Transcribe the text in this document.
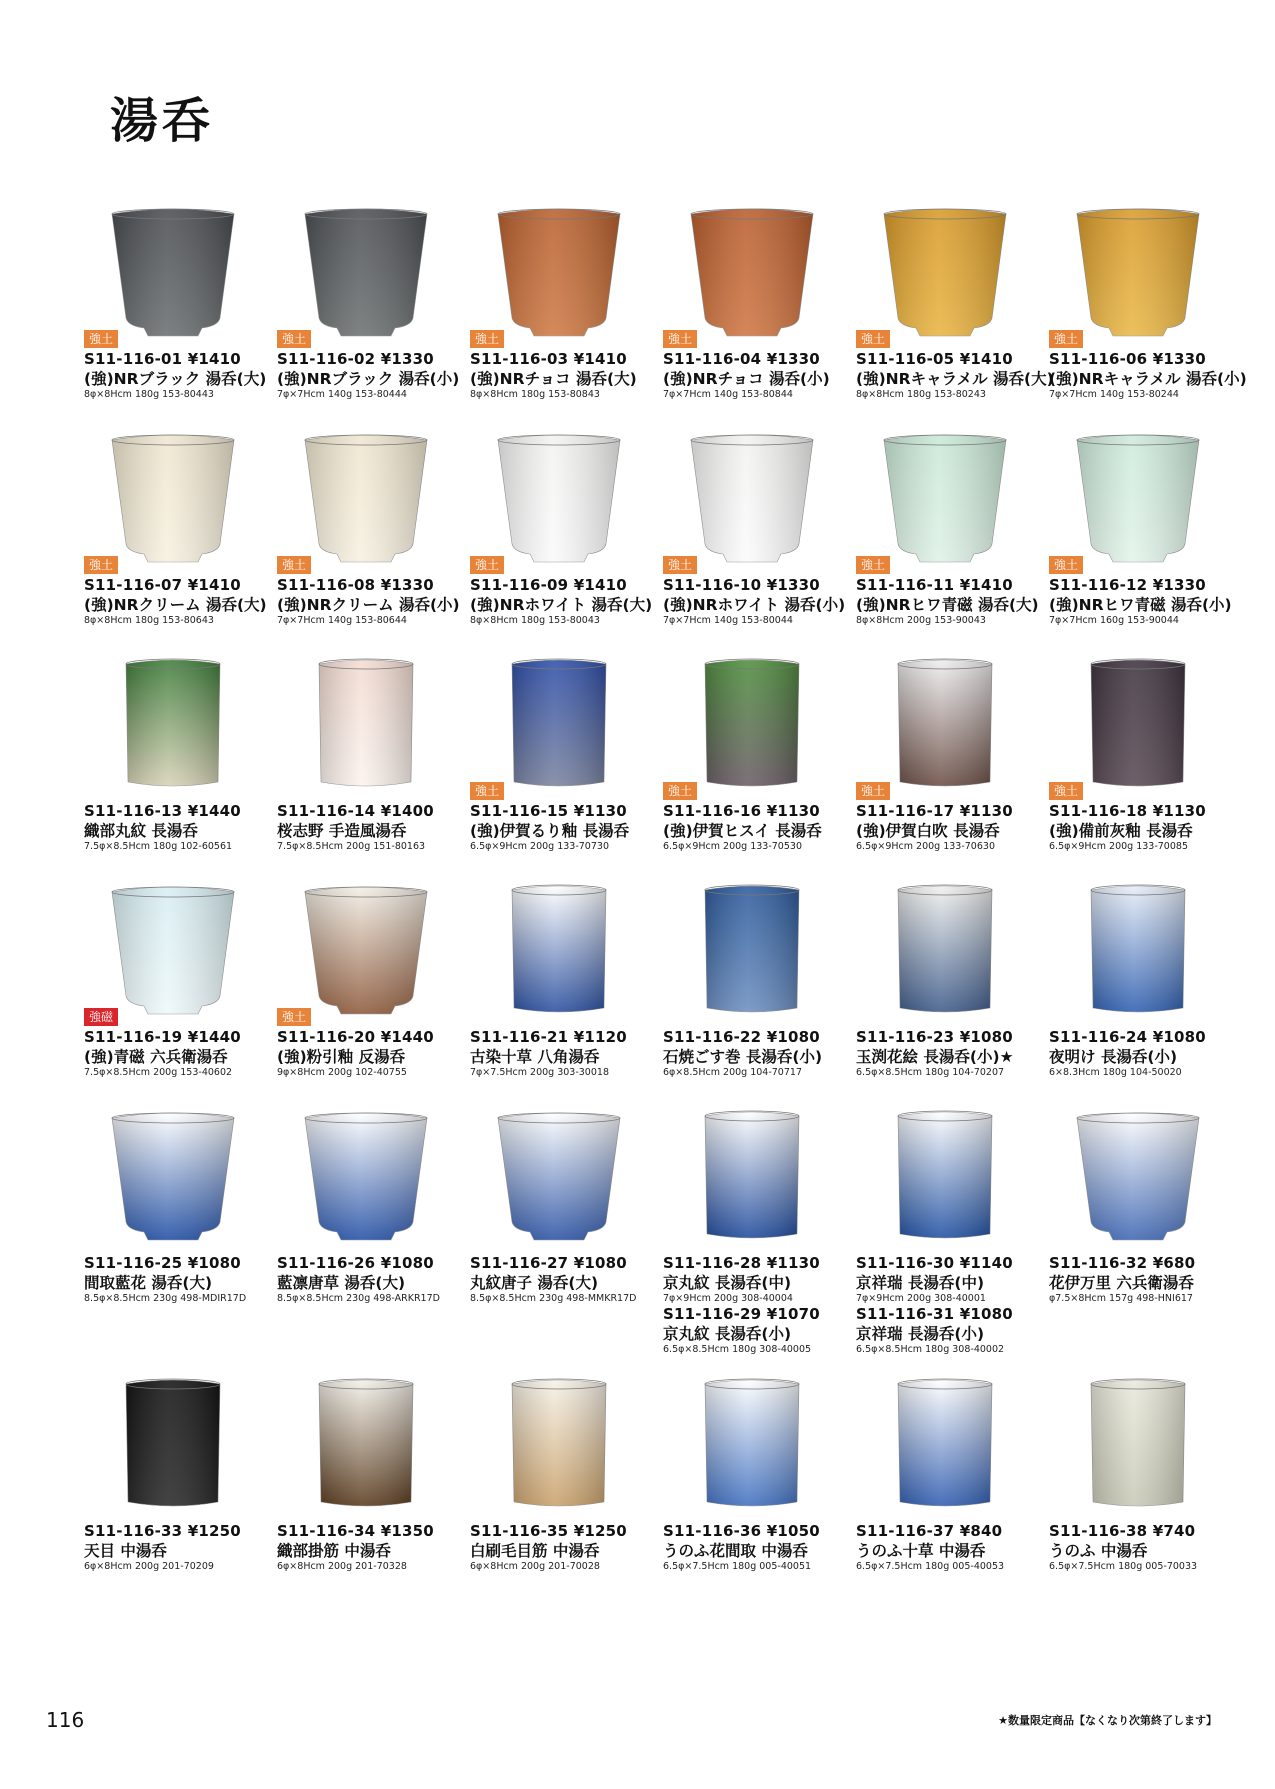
湯呑
強土
S11-116-01 ¥1410
(強)NRブラック 湯呑(大)
8φ×8Hcm 180g 153-80443
強土
S11-116-02 ¥1330
(強)NRブラック 湯呑(小)
7φ×7Hcm 140g 153-80444
強土
S11-116-03 ¥1410
(強)NRチョコ 湯呑(大)
8φ×8Hcm 180g 153-80843
強土
S11-116-04 ¥1330
(強)NRチョコ 湯呑(小)
7φ×7Hcm 140g 153-80844
強土
S11-116-05 ¥1410
(強)NRキャラメル 湯呑(大)
8φ×8Hcm 180g 153-80243
強土
S11-116-06 ¥1330
(強)NRキャラメル 湯呑(小)
7φ×7Hcm 140g 153-80244
強土
S11-116-07 ¥1410
(強)NRクリーム 湯呑(大)
8φ×8Hcm 180g 153-80643
強土
S11-116-08 ¥1330
(強)NRクリーム 湯呑(小)
7φ×7Hcm 140g 153-80644
強土
S11-116-09 ¥1410
(強)NRホワイト 湯呑(大)
8φ×8Hcm 180g 153-80043
強土
S11-116-10 ¥1330
(強)NRホワイト 湯呑(小)
7φ×7Hcm 140g 153-80044
強土
S11-116-11 ¥1410
(強)NRヒワ青磁 湯呑(大)
8φ×8Hcm 200g 153-90043
強土
S11-116-12 ¥1330
(強)NRヒワ青磁 湯呑(小)
7φ×7Hcm 160g 153-90044
S11-116-13 ¥1440
織部丸紋 長湯呑
7.5φ×8.5Hcm 180g 102-60561
S11-116-14 ¥1400
桜志野 手造風湯呑
7.5φ×8.5Hcm 200g 151-80163
強土
S11-116-15 ¥1130
(強)伊賀るり釉 長湯呑
6.5φ×9Hcm 200g 133-70730
強土
S11-116-16 ¥1130
(強)伊賀ヒスイ 長湯呑
6.5φ×9Hcm 200g 133-70530
強土
S11-116-17 ¥1130
(強)伊賀白吹 長湯呑
6.5φ×9Hcm 200g 133-70630
強土
S11-116-18 ¥1130
(強)備前灰釉 長湯呑
6.5φ×9Hcm 200g 133-70085
強磁
S11-116-19 ¥1440
(強)青磁 六兵衛湯呑
7.5φ×8.5Hcm 200g 153-40602
強土
S11-116-20 ¥1440
(強)粉引釉 反湯呑
9φ×8Hcm 200g 102-40755
S11-116-21 ¥1120
古染十草 八角湯呑
7φ×7.5Hcm 200g 303-30018
S11-116-22 ¥1080
石焼ごす巻 長湯呑(小)
6φ×8.5Hcm 200g 104-70717
S11-116-23 ¥1080
玉渕花絵 長湯呑(小)★
6.5φ×8.5Hcm 180g 104-70207
S11-116-24 ¥1080
夜明け 長湯呑(小)
6×8.3Hcm 180g 104-50020
S11-116-25 ¥1080
間取藍花 湯呑(大)
8.5φ×8.5Hcm 230g 498-MDIR17D
S11-116-26 ¥1080
藍凛唐草 湯呑(大)
8.5φ×8.5Hcm 230g 498-ARKR17D
S11-116-27 ¥1080
丸紋唐子 湯呑(大)
8.5φ×8.5Hcm 230g 498-MMKR17D
S11-116-28 ¥1130
京丸紋 長湯呑(中)
7φ×9Hcm 200g 308-40004
S11-116-29 ¥1070
京丸紋 長湯呑(小)
6.5φ×8.5Hcm 180g 308-40005
S11-116-30 ¥1140
京祥瑞 長湯呑(中)
7φ×9Hcm 200g 308-40001
S11-116-31 ¥1080
京祥瑞 長湯呑(小)
6.5φ×8.5Hcm 180g 308-40002
S11-116-32 ¥680
花伊万里 六兵衛湯呑
φ7.5×8Hcm 157g 498-HNI617
S11-116-33 ¥1250
天目 中湯呑
6φ×8Hcm 200g 201-70209
S11-116-34 ¥1350
織部掛筋 中湯呑
6φ×8Hcm 200g 201-70328
S11-116-35 ¥1250
白刷毛目筋 中湯呑
6φ×8Hcm 200g 201-70028
S11-116-36 ¥1050
うのふ花間取 中湯呑
6.5φ×7.5Hcm 180g 005-40051
S11-116-37 ¥840
うのふ十草 中湯呑
6.5φ×7.5Hcm 180g 005-40053
S11-116-38 ¥740
うのふ 中湯呑
6.5φ×7.5Hcm 180g 005-70033
116	★数量限定商品【なくなり次第終了します】
